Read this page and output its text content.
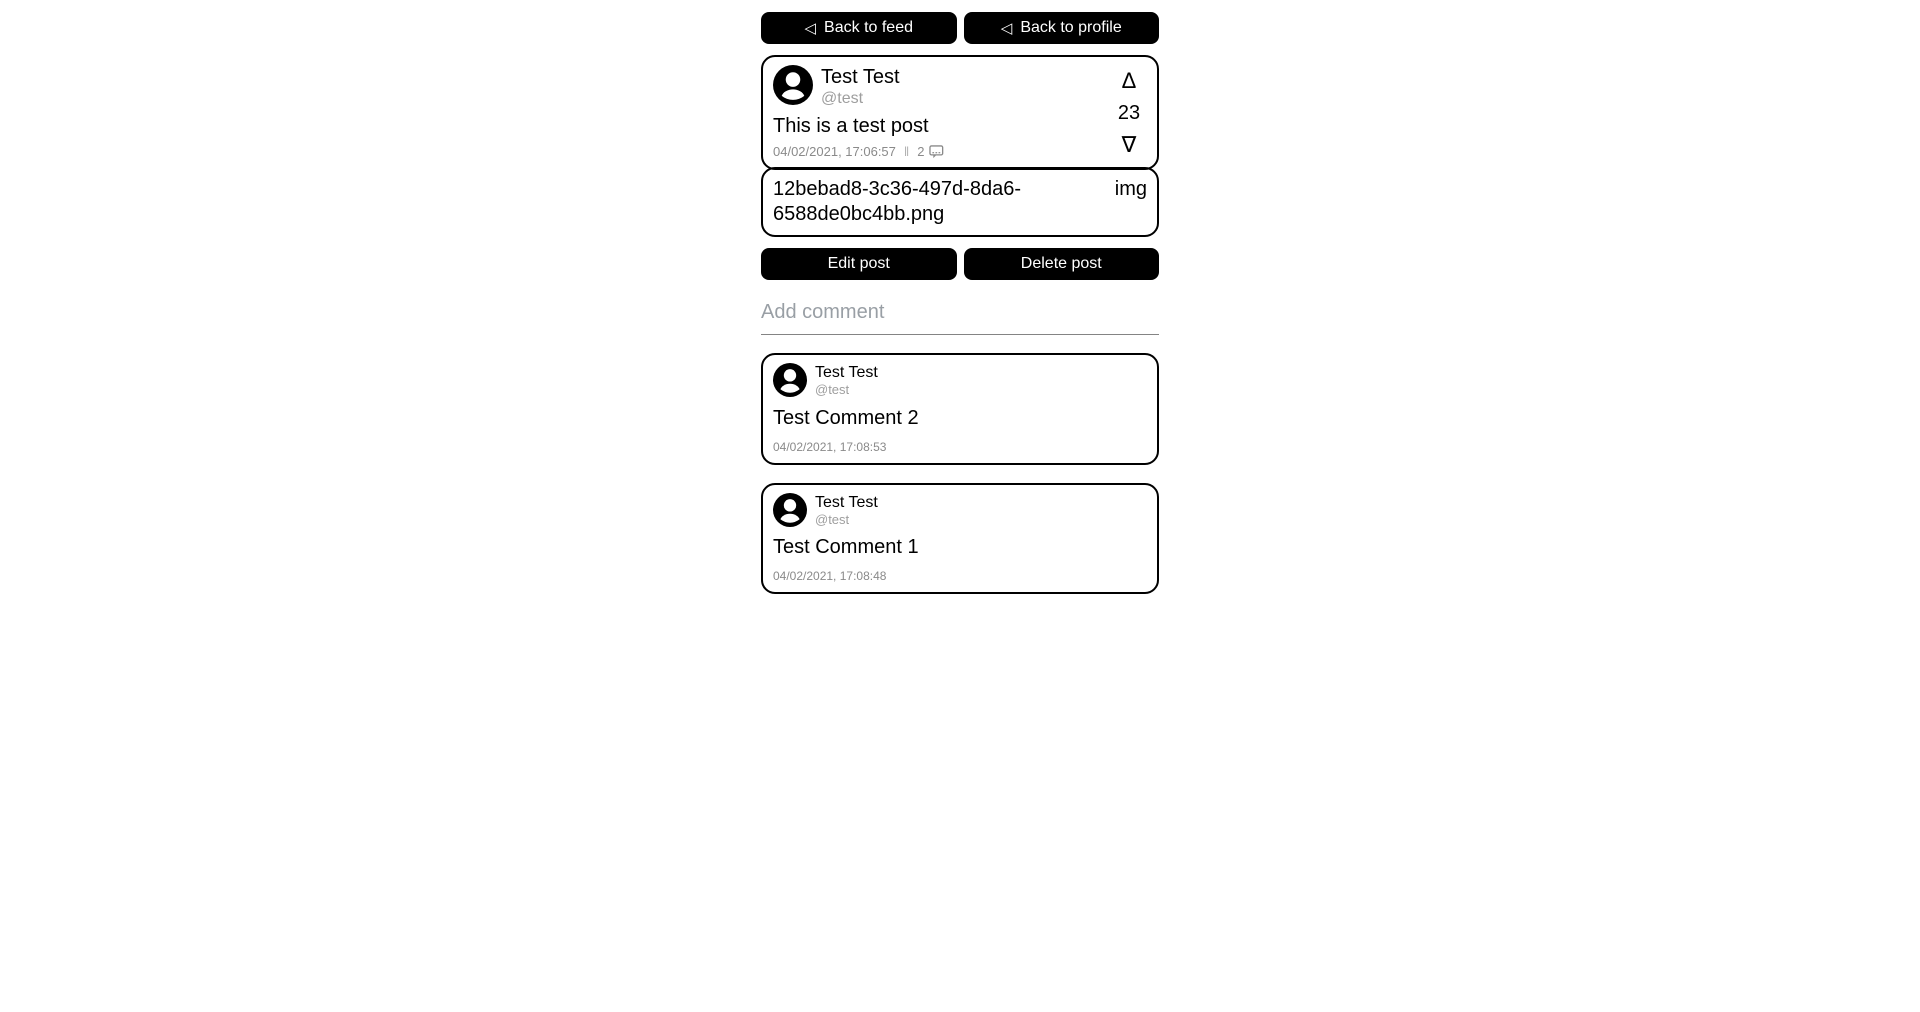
◁ Back to feed	◁ Back to profile
Test Test
@test
This is a test post
04/02/2021, 17:06:57 ‖ 2
Δ
23
∇
12bebad8-3c36-497d-8da6-6588de0bc4bb.png
img
Edit post	Delete post
Add comment
Test Test
@test
Test Comment 2
04/02/2021, 17:08:53
Test Test
@test
Test Comment 1
04/02/2021, 17:08:48
